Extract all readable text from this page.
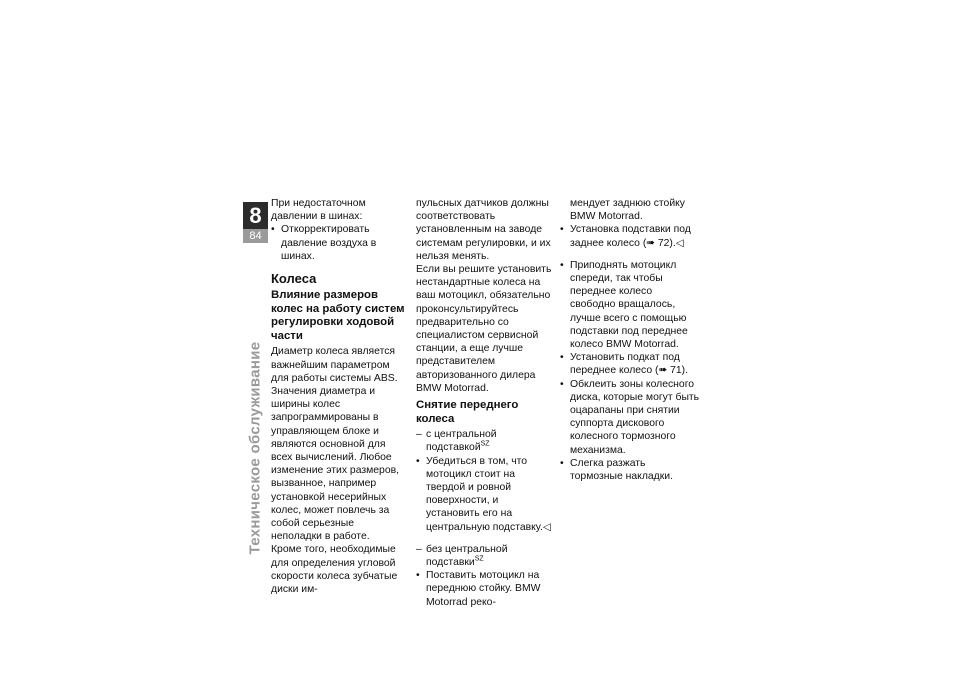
8
84
Техническое обслуживание

При недостаточном давлении в шинах:

• Откорректировать давление воздуха в шинах.

Колеса

Влияние размеров колес на работу систем регулировки ходовой части

Диаметр колеса является важнейшим параметром для работы системы ABS. Значения диаметра и ширины колес запрограммированы в управляющем блоке и являются основной для всех вычислений. Любое изменение этих размеров, вызванное, например установкой несерийных колес, может повлечь за собой серьезные неполадки в работе.

Кроме того, необходимые для определения угловой скорости колеса зубчатые диски им-

пульсных датчиков должны соответствовать установленным на заводе системам регулировки, и их нельзя менять.

Если вы решите установить нестандартные колеса на ваш мотоцикл, обязательно проконсультируйтесь предварительно со специалистом сервисной станции, а еще лучше представителем авторизованного дилера BMW Motorrad.

Снятие переднего колеса

– с центральной подставкой$^{SZ}$

• Убедиться в том, что мотоцикл стоит на твердой и ровной поверхности, и установить его на центральную подставку.◁

– без центральной подставки$^{SZ}$

• Поставить мотоцикл на переднюю стойку. BMW Motorrad реко-

мендует заднюю стойку BMW Motorrad.

• Установка подставки под заднее колесо (➠ 72).◁

• Приподнять мотоцикл спереди, так чтобы переднее колесо свободно вращалось, лучше всего с помощью подставки под переднее колесо BMW Motorrad.

• Установить подкат под переднее колесо (➠ 71).

• Обклеить зоны колесного диска, которые могут быть оцарапаны при снятии суппорта дискового колесного тормозного механизма.

• Слегка разжать тормозные накладки.
